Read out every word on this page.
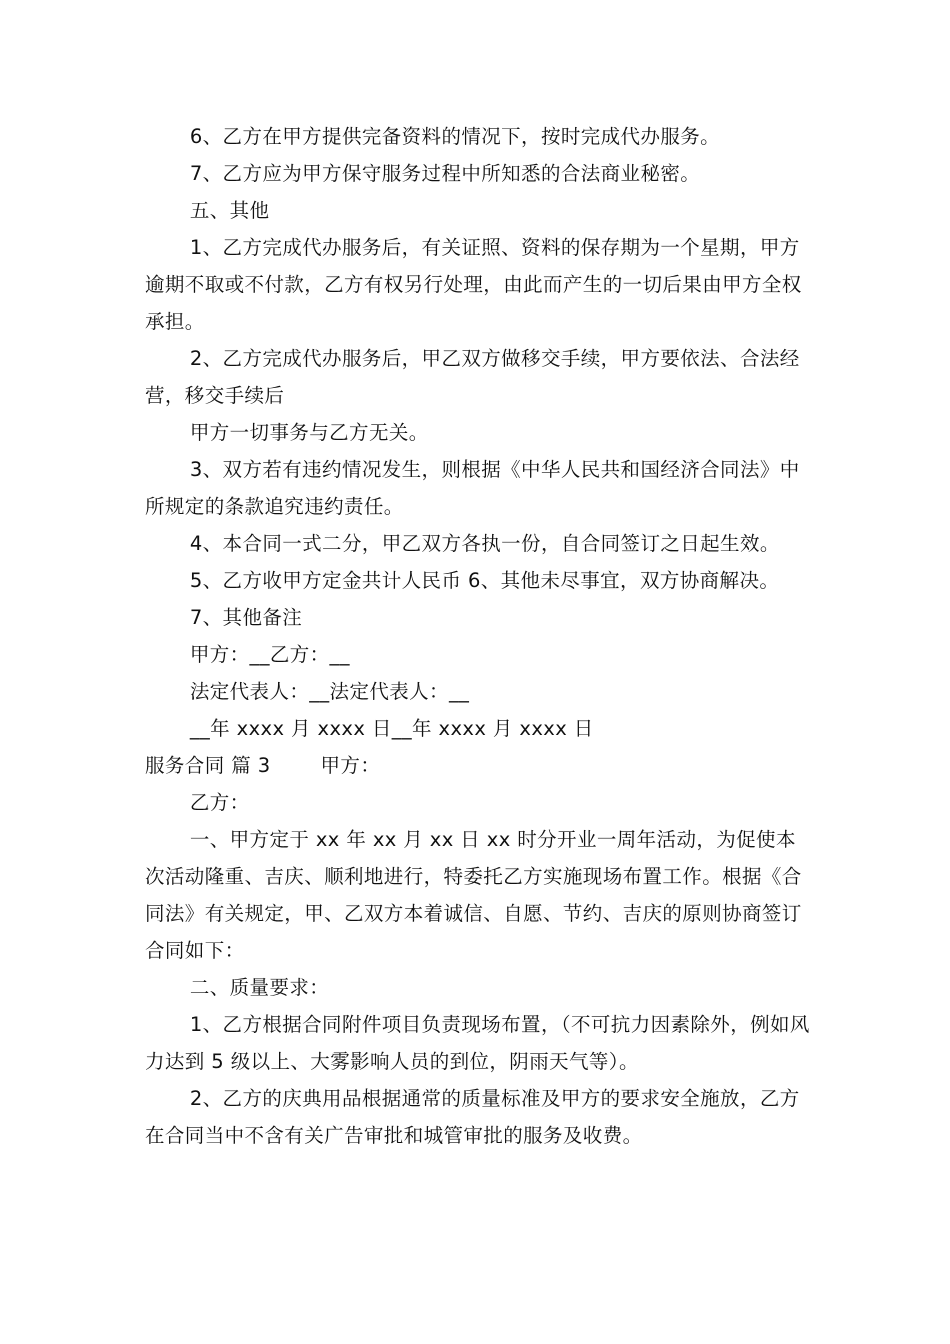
6、乙方在甲方提供完备资料的情况下，按时完成代办服务。

7、乙方应为甲方保守服务过程中所知悉的合法商业秘密。

五、其他

1、乙方完成代办服务后，有关证照、资料的保存期为一个星期，甲方逾期不取或不付款，乙方有权另行处理，由此而产生的一切后果由甲方全权承担。

2、乙方完成代办服务后，甲乙双方做移交手续，甲方要依法、合法经营，移交手续后

甲方一切事务与乙方无关。

3、双方若有违约情况发生，则根据《中华人民共和国经济合同法》中所规定的条款追究违约责任。

4、本合同一式二分，甲乙双方各执一份，自合同签订之日起生效。

5、乙方收甲方定金共计人民币 6、其他未尽事宜，双方协商解决。

7、其他备注

甲方：__乙方：__

法定代表人：__法定代表人：__

__年 xxxx 月 xxxx 日__年 xxxx 月 xxxx 日

服务合同 篇 3	甲方：

乙方：

一、甲方定于 xx 年 xx 月 xx 日 xx 时分开业一周年活动，为促使本次活动隆重、吉庆、顺利地进行，特委托乙方实施现场布置工作。根据《合同法》有关规定，甲、乙双方本着诚信、自愿、节约、吉庆的原则协商签订合同如下：

二、质量要求：

1、乙方根据合同附件项目负责现场布置，（不可抗力因素除外，例如风力达到 5 级以上、大雾影响人员的到位，阴雨天气等）。

2、乙方的庆典用品根据通常的质量标准及甲方的要求安全施放，乙方在合同当中不含有关广告审批和城管审批的服务及收费。
